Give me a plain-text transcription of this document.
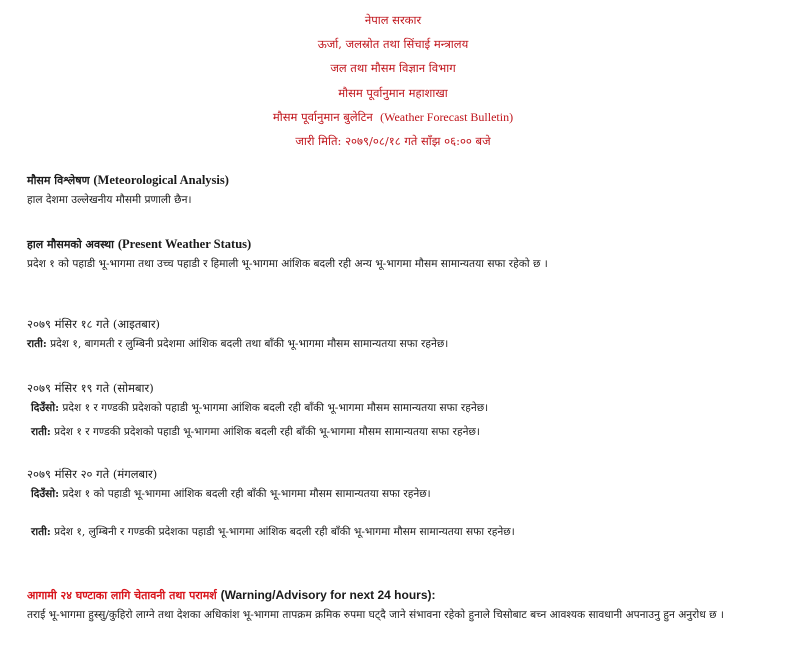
नेपाल सरकार
ऊर्जा, जलस्रोत तथा सिंचाई मन्त्रालय
जल तथा मौसम विज्ञान विभाग
मौसम पूर्वानुमान महाशाखा
मौसम पूर्वानुमान बुलेटिन (Weather Forecast Bulletin)
जारी मिति: २०७९/०८/१८ गते साँझ ०६:०० बजे
मौसम विश्लेषण (Meteorological Analysis)
हाल देशमा उल्लेखनीय मौसमी प्रणाली छैन।
हाल मौसमको अवस्था (Present Weather Status)
प्रदेश १ को पहाडी भू-भागमा तथा उच्च पहाडी र हिमाली भू-भागमा आंशिक बदली रही अन्य भू-भागमा मौसम सामान्यतया सफा रहेको छ ।
२०७९ मंसिर १८ गते (आइतबार)
राती: प्रदेश १, बागमती र लुम्बिनी प्रदेशमा आंशिक बदली तथा बाँकी भू-भागमा मौसम सामान्यतया सफा रहनेछ।
२०७९ मंसिर १९ गते (सोमबार)
दिउँसो: प्रदेश १ र गण्डकी प्रदेशको पहाडी भू-भागमा आंशिक बदली रही बाँकी भू-भागमा मौसम सामान्यतया सफा रहनेछ।
राती: प्रदेश १ र गण्डकी प्रदेशको पहाडी भू-भागमा आंशिक बदली रही बाँकी भू-भागमा मौसम सामान्यतया सफा रहनेछ।
२०७९ मंसिर २० गते (मंगलबार)
दिउँसो: प्रदेश १ को पहाडी भू-भागमा आंशिक बदली रही बाँकी भू-भागमा मौसम सामान्यतया सफा रहनेछ।
राती: प्रदेश १, लुम्बिनी र गण्डकी प्रदेशका पहाडी भू-भागमा आंशिक बदली रही बाँकी भू-भागमा मौसम सामान्यतया सफा रहनेछ।
आगामी २४ घण्टाका लागि चेतावनी तथा परामर्श (Warning/Advisory for next 24 hours):
तराई भू-भागमा हुस्सु/कुहिरो लाग्ने तथा देशका अधिकांश भू-भागमा तापक्रम क्रमिक रुपमा घट्दै जाने संभावना रहेको हुनाले चिसोबाट बच्न आवश्यक सावधानी अपनाउनु हुन अनुरोध छ ।
